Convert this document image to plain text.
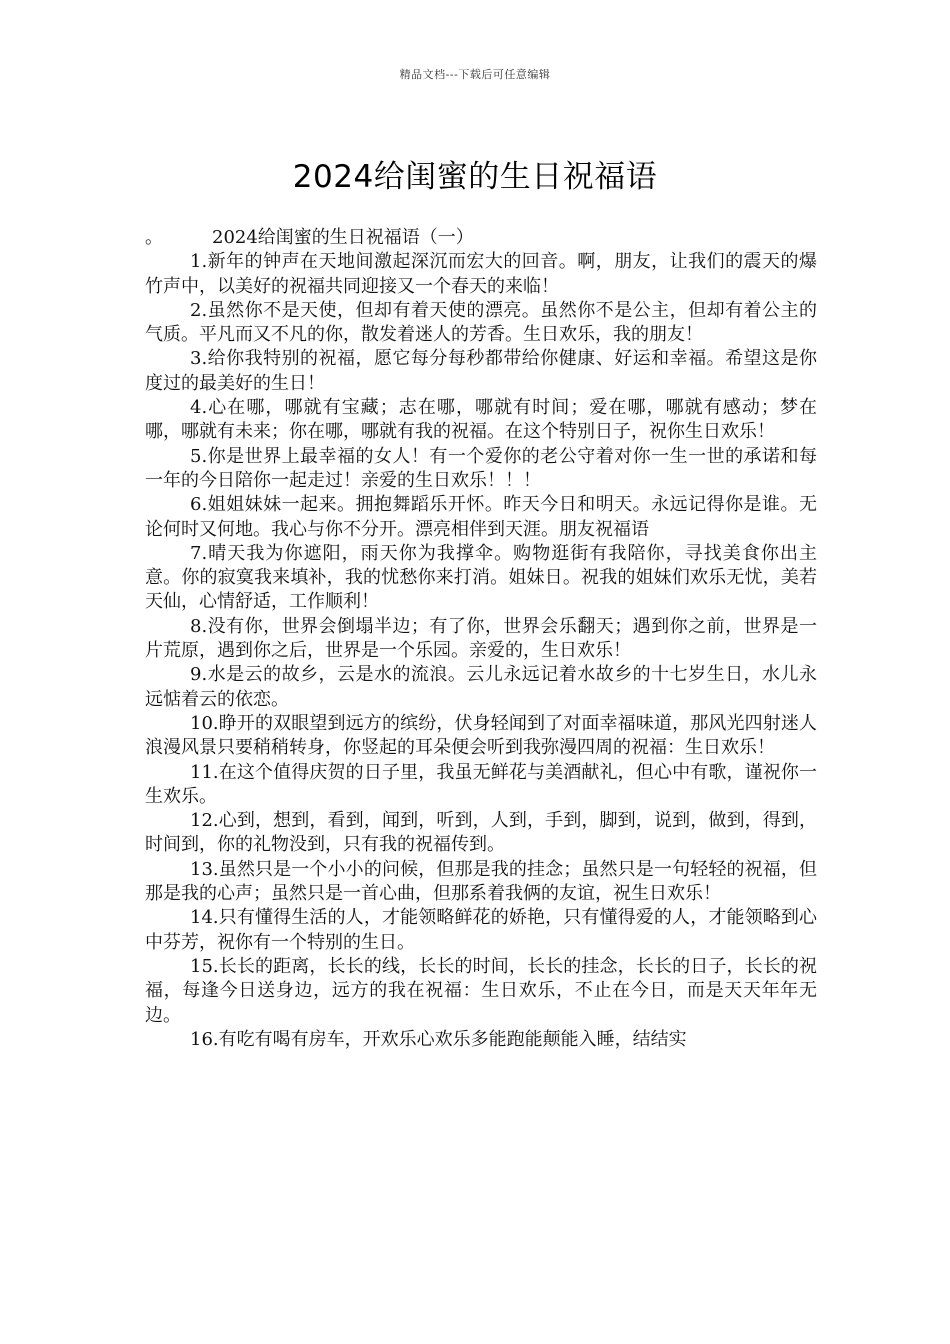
精品文档---下载后可任意编辑
2024给闺蜜的生日祝福语
。	2024给闺蜜的生日祝福语（一）

1.新年的钟声在天地间激起深沉而宏大的回音。啊，朋友，让我们的震天的爆竹声中，以美好的祝福共同迎接又一个春天的来临！

2.虽然你不是天使，但却有着天使的漂亮。虽然你不是公主，但却有着公主的气质。平凡而又不凡的你，散发着迷人的芳香。生日欢乐，我的朋友！

3.给你我特别的祝福，愿它每分每秒都带给你健康、好运和幸福。希望这是你度过的最美好的生日！

4.心在哪，哪就有宝藏；志在哪，哪就有时间；爱在哪，哪就有感动；梦在哪，哪就有未来；你在哪，哪就有我的祝福。在这个特别日子，祝你生日欢乐！

5.你是世界上最幸福的女人！有一个爱你的老公守着对你一生一世的承诺和每一年的今日陪你一起走过！亲爱的生日欢乐！！！

6.姐姐妹妹一起来。拥抱舞蹈乐开怀。昨天今日和明天。永远记得你是谁。无论何时又何地。我心与你不分开。漂亮相伴到天涯。朋友祝福语

7.晴天我为你遮阳，雨天你为我撑伞。购物逛街有我陪你，寻找美食你出主意。你的寂寞我来填补，我的忧愁你来打消。姐妹日。祝我的姐妹们欢乐无忧，美若天仙，心情舒适，工作顺利！

8.没有你，世界会倒塌半边；有了你，世界会乐翻天；遇到你之前，世界是一片荒原，遇到你之后，世界是一个乐园。亲爱的，生日欢乐！

9.水是云的故乡，云是水的流浪。云儿永远记着水故乡的十七岁生日，水儿永远惦着云的依恋。

10.睁开的双眼望到远方的缤纷，伏身轻闻到了对面幸福味道，那风光四射迷人浪漫风景只要稍稍转身，你竖起的耳朵便会听到我弥漫四周的祝福：生日欢乐！

11.在这个值得庆贺的日子里，我虽无鲜花与美酒献礼，但心中有歌，谨祝你一生欢乐。

12.心到，想到，看到，闻到，听到，人到，手到，脚到，说到，做到，得到，时间到，你的礼物没到，只有我的祝福传到。

13.虽然只是一个小小的问候，但那是我的挂念；虽然只是一句轻轻的祝福，但那是我的心声；虽然只是一首心曲，但那系着我俩的友谊，祝生日欢乐！

14.只有懂得生活的人，才能领略鲜花的娇艳，只有懂得爱的人，才能领略到心中芬芳，祝你有一个特别的生日。

15.长长的距离，长长的线，长长的时间，长长的挂念，长长的日子，长长的祝福，每逢今日送身边，远方的我在祝福：生日欢乐，不止在今日，而是天天年年无边。

16.有吃有喝有房车，开欢乐心欢乐多能跑能颠能入睡，结结实
